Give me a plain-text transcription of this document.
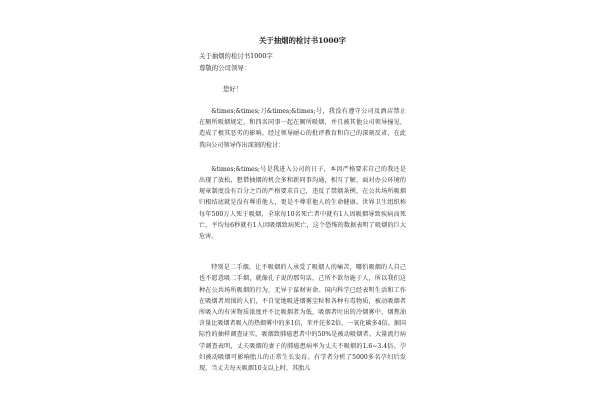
关于抽烟的检讨书1000字
关于抽烟的检讨书1000字
尊敬的公司领导：
您好！

&times;&times;刀&times;&times;号，我没有遵守公司及酒店禁止在厕所吸烟规定，和四名同事一起在厕所吸烟，并且被其他公司领导撞见，造成了极其恶劣的影响。经过领导耐心的批评教育和自己的深刻反省，在此我向公司领导作出深刻的检讨：

&times;&times;号是我进入公司的日子，本因严格要求自己的我还是出现了放松，想借抽烟的机会多和新同事沟通，相互了解，面对办公环境的规章制度没有百分之百的严格要求自己，违反了禁烟条例，在公共场所吸烟归根结底就是没有尊重他人，更是不尊重他人的生命健康。世界卫生组织称每年500万人死于吸烟，全球每10名死亡者中就有1人因吸烟导致疾病而死亡，平均每6秒就有1人因吸烟致病死亡，这个恐怖的数据表明了吸烟的巨大危害。

特别是二手烟，让不吸烟的人承受了吸烟人的痛苦，哪怕吸烟的人自己也不愿意吸二手烟，就像孔子说的那句话，己所不欲勿施于人，所以我们这种在公共场所吸烟的行为，无异于谋财害命。国内科学已经表明生活和工作在吸烟者周围的人们，不自觉地吸进烟雾尘粒和各种有毒物质，被动吸烟者所吸入的有害物质浓度并不比吸烟者为低，吸烟者吐出的冷烟雾中，烟焦油含量比吸烟者吸入的热烟雾中的多1倍，苯并芘多2倍，一氧化碳多4倍。据国际性的抽样调查证实，吸烟致肺癌患者中的50%是被动吸烟者。大量流行病学调查表明，丈夫吸烟的妻子的肺癌患病率为丈夫不吸烟的1.6~3.4倍。孕妇被动吸烟可影响胎儿的正常生长发育。有学者分析了5000多名孕妇后发现，当丈夫每天吸烟10支以上时，其胎儿
